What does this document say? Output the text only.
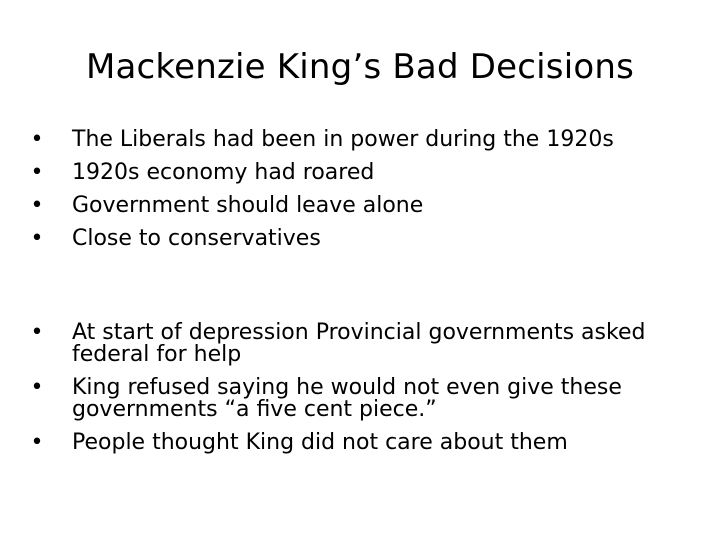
Mackenzie King’s Bad Decisions
• The Liberals had been in power during the 1920s
• 1920s economy had roared
• Government should leave alone
• Close to conservatives
• At start of depression Provincial governments asked federal for help
• King refused saying he would not even give these governments “a five cent piece.”
• People thought King did not care about them
